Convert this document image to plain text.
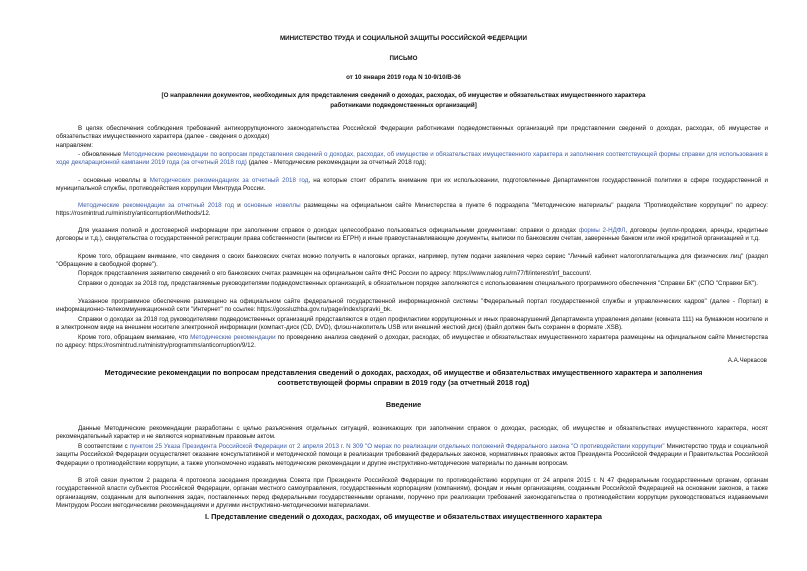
МИНИСТЕРСТВО ТРУДА И СОЦИАЛЬНОЙ ЗАЩИТЫ РОССИЙСКОЙ ФЕДЕРАЦИИ
ПИСЬМО
от 10 января 2019 года N 10-9/10/В-36
[О направлении документов, необходимых для представления сведений о доходах, расходах, об имуществе и обязательствах имущественного характера
работниками подведомственных организаций]
В целях обеспечения соблюдения требований антикоррупционного законодательства Российской Федерации работниками подведомственных организаций при представлении сведений о доходах, расходах, об имуществе и обязательствах имущественного характера (далее - сведения о доходах)
направляем:
- обновленные Методические рекомендации по вопросам представления сведений о доходах, расходах, об имуществе и обязательствах имущественного характера и заполнения соответствующей формы справки для использования в ходе декларационной кампании 2019 года (за отчетный 2018 год) (далее - Методические рекомендации за отчетный 2018 год);
- основные новеллы в Методических рекомендациях за отчетный 2018 год, на которые стоит обратить внимание при их использовании, подготовленные Департаментом государственной политики в сфере государственной и муниципальной службы, противодействия коррупции Минтруда России.
Методические рекомендации за отчетный 2018 год и основные новеллы размещены на официальном сайте Министерства в пункте 6 подраздела "Методические материалы" раздела "Противодействие коррупции" по адресу: https://rosmintrud.ru/ministry/anticorruption/Methods/12.
Для указания полной и достоверной информации при заполнении справок о доходах целесообразно пользоваться официальными документами: справки о доходах формы 2-НДФЛ, договоры (купли-продажи, аренды, кредитные договоры и т.д.), свидетельства о государственной регистрации права собственности (выписки из ЕГРН) и иные правоустанавливающие документы, выписки по банковским счетам, заверенные банком или иной кредитной организацией и т.д.
Кроме того, обращаем внимание, что сведения о своих банковских счетах можно получить в налоговых органах, например, путем подачи заявления через сервис "Личный кабинет налогоплательщика для физических лиц" (раздел "Обращение в свободной форме").
Порядок представления заявителю сведений о его банковских счетах размещен на официальном сайте ФНС России по адресу: https://www.nalog.ru/rn77/fl/interest/inf_baccount/.
Справки о доходах за 2018 год, представляемые руководителями подведомственных организаций, в обязательном порядке заполняются с использованием специального программного обеспечения "Справки БК" (СПО "Справки БК").
Указанное программное обеспечение размещено на официальном сайте федеральной государственной информационной системы "Федеральный портал государственной службы и управленческих кадров" (далее - Портал) в информационно-телекоммуникационной сети "Интернет" по ссылке: https://gossluzhba.gov.ru/page/index/spravki_bk.
Справки о доходах за 2018 год руководителями подведомственных организаций представляются в отдел профилактики коррупционных и иных правонарушений Департамента управления делами (комната 111) на бумажном носителе и в электронном виде на внешнем носителе электронной информации (компакт-диск (CD, DVD), флэш-накопитель USB или внешний жесткий диск) (файл должен быть сохранен в формате .XSB).
Кроме того, обращаем внимание, что Методические рекомендации по проведению анализа сведений о доходах, расходах, об имуществе и обязательствах имущественного характера размещены на официальном сайте Министерства по адресу: https://rosmintrud.ru/ministry/programms/anticorruption/9/12.
А.А.Черкасов
Методические рекомендации по вопросам представления сведений о доходах, расходах, об имуществе и обязательствах имущественного характера и заполнения
соответствующей формы справки в 2019 году (за отчетный 2018 год)
Введение
Данные Методические рекомендации разработаны с целью разъяснения отдельных ситуаций, возникающих при заполнении справок о доходах, расходах, об имуществе и обязательствах имущественного характера, носят рекомендательный характер и не являются нормативным правовым актом.
В соответствии с пунктом 25 Указа Президента Российской Федерации от 2 апреля 2013 г. N 309 "О мерах по реализации отдельных положений Федерального закона "О противодействии коррупции" Министерство труда и социальной защиты Российской Федерации осуществляет оказание консультативной и методической помощи в реализации требований федеральных законов, нормативных правовых актов Президента Российской Федерации и Правительства Российской Федерации о противодействии коррупции, а также уполномочено издавать методические рекомендации и другие инструктивно-методические материалы по данным вопросам.
В этой связи пунктом 2 раздела 4 протокола заседания президиума Совета при Президенте Российской Федерации по противодействию коррупции от 24 апреля 2015 г. N 47 федеральным государственным органам, органам государственной власти субъектов Российской Федерации, органам местного самоуправления, государственным корпорациям (компаниям), фондам и иным организациям, созданным Российской Федерацией на основании законов, а также организациям, созданным для выполнения задач, поставленных перед федеральными государственными органами, поручено при реализации требований законодательства о противодействии коррупции руководствоваться издаваемыми Минтрудом России методическими рекомендациями и другими инструктивно-методическими материалами.
I. Представление сведений о доходах, расходах, об имуществе и обязательствах имущественного характера
